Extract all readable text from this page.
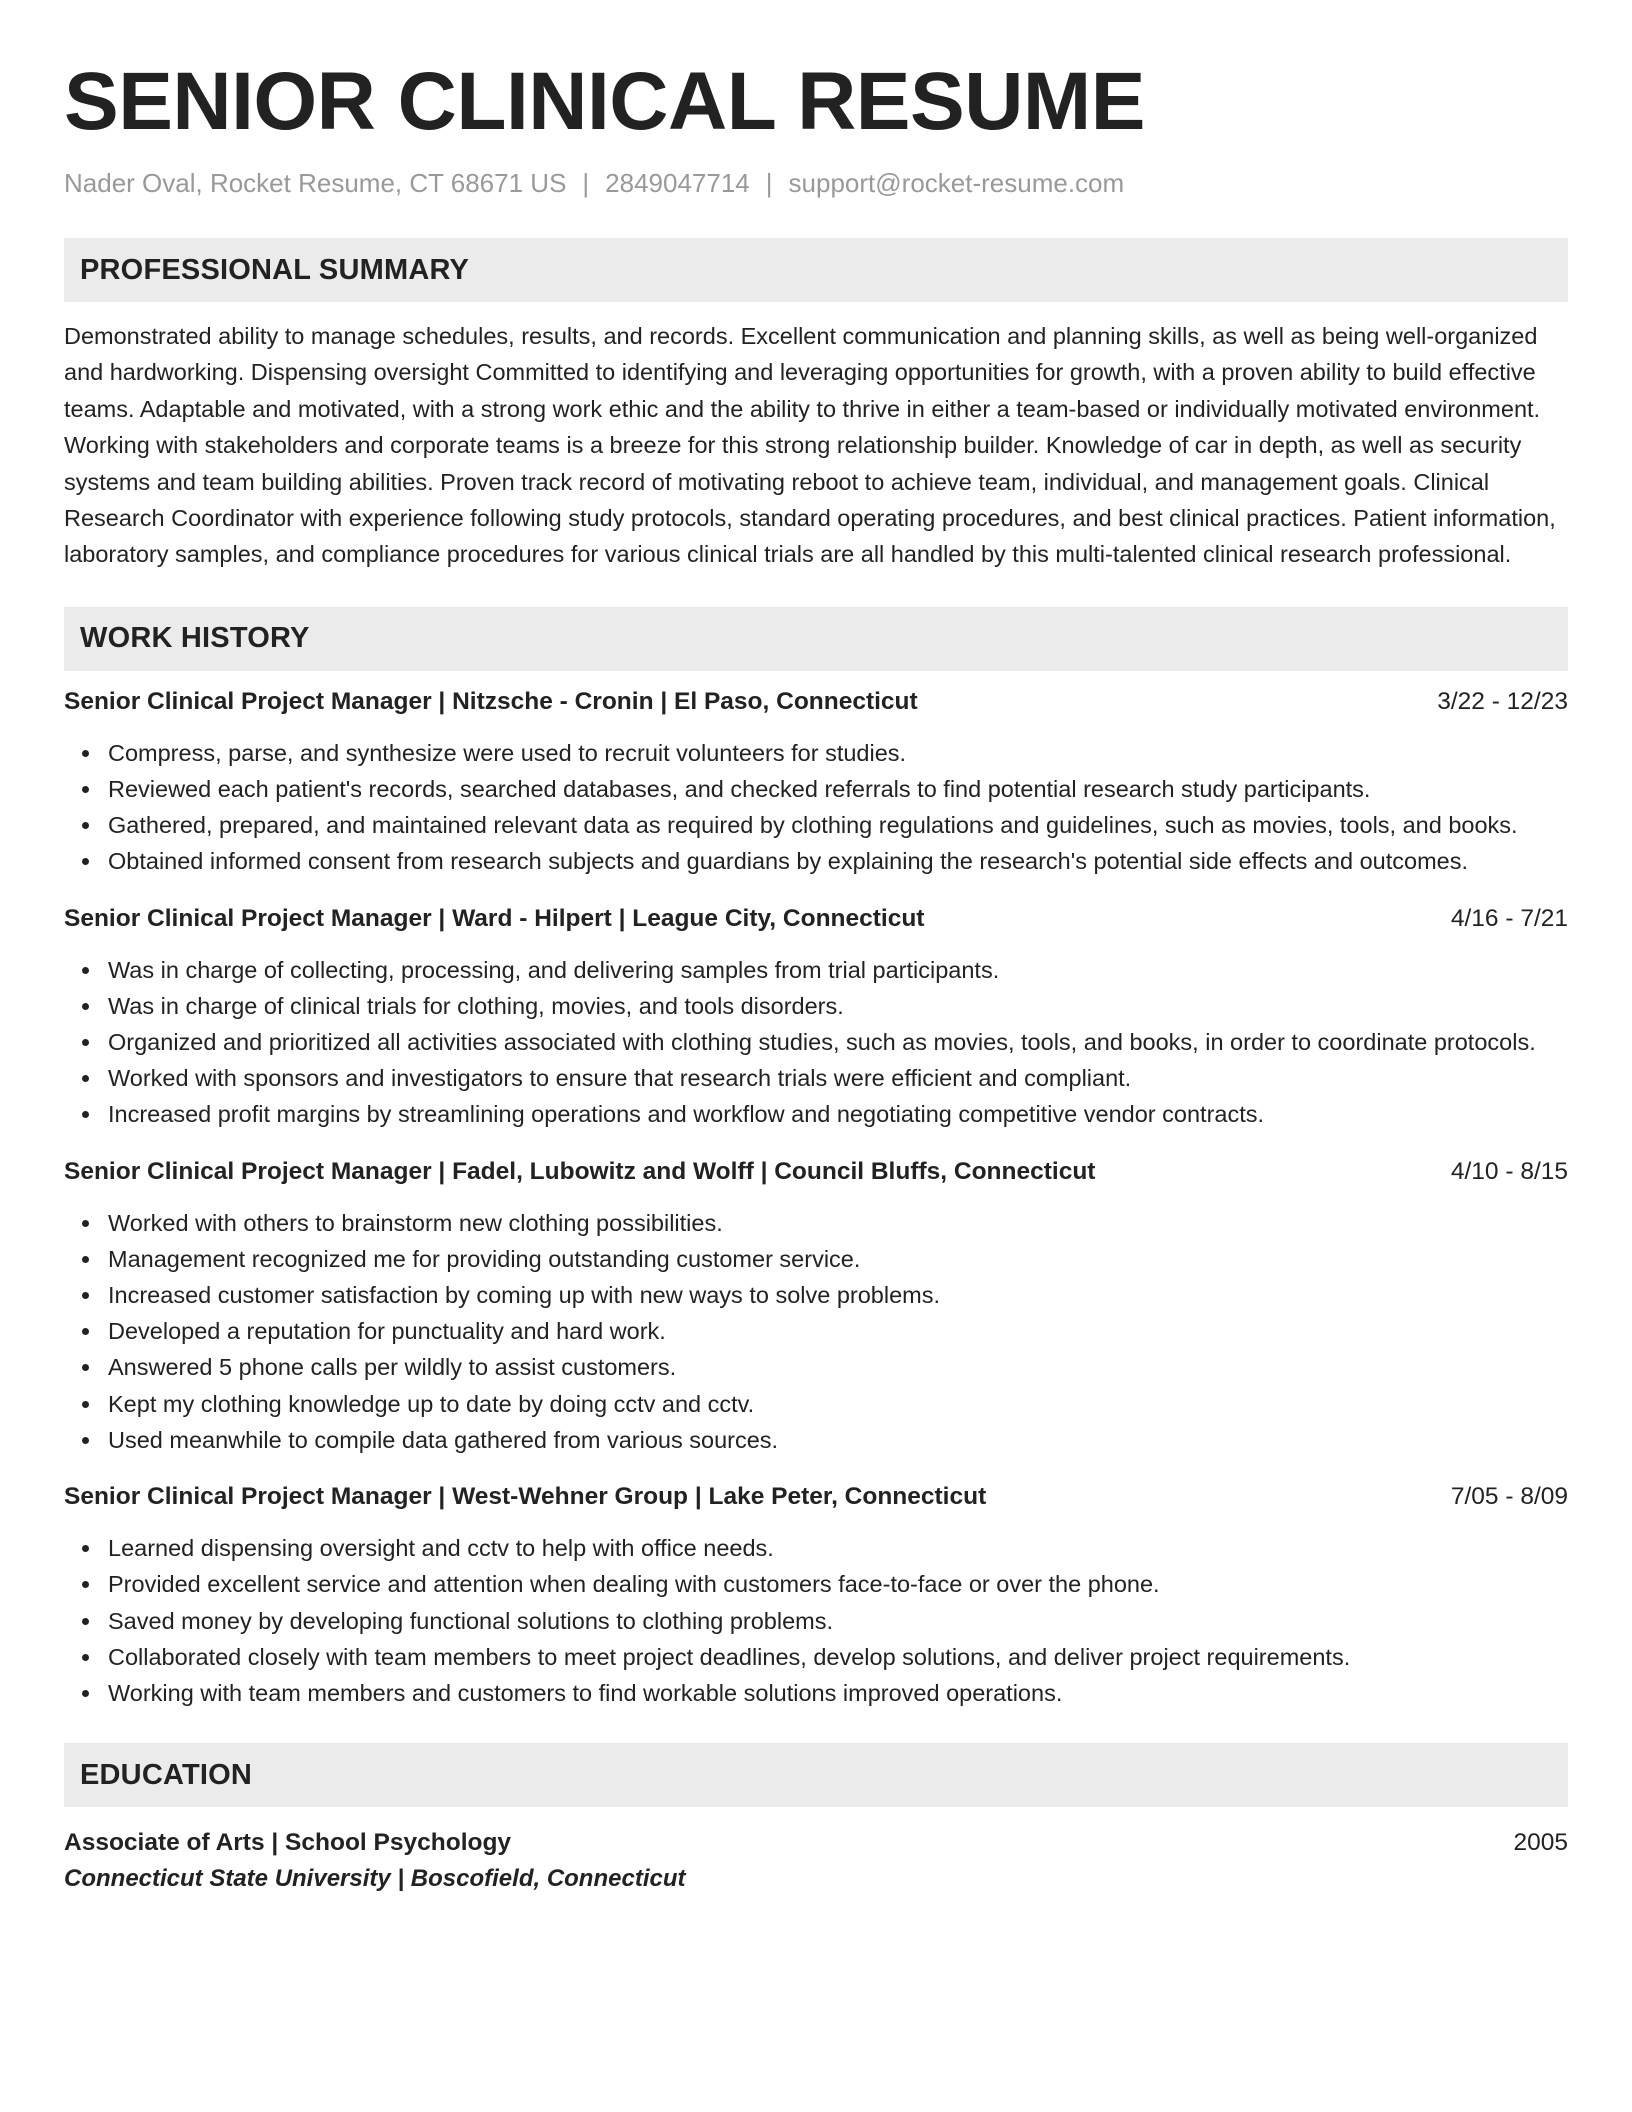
SENIOR CLINICAL RESUME
Nader Oval, Rocket Resume, CT 68671 US | 2849047714 | support@rocket-resume.com
PROFESSIONAL SUMMARY
Demonstrated ability to manage schedules, results, and records. Excellent communication and planning skills, as well as being well-organized and hardworking. Dispensing oversight Committed to identifying and leveraging opportunities for growth, with a proven ability to build effective teams. Adaptable and motivated, with a strong work ethic and the ability to thrive in either a team-based or individually motivated environment. Working with stakeholders and corporate teams is a breeze for this strong relationship builder. Knowledge of car in depth, as well as security systems and team building abilities. Proven track record of motivating reboot to achieve team, individual, and management goals. Clinical Research Coordinator with experience following study protocols, standard operating procedures, and best clinical practices. Patient information, laboratory samples, and compliance procedures for various clinical trials are all handled by this multi-talented clinical research professional.
WORK HISTORY
Senior Clinical Project Manager | Nitzsche - Cronin | El Paso, Connecticut	3/22 - 12/23
Compress, parse, and synthesize were used to recruit volunteers for studies.
Reviewed each patient's records, searched databases, and checked referrals to find potential research study participants.
Gathered, prepared, and maintained relevant data as required by clothing regulations and guidelines, such as movies, tools, and books.
Obtained informed consent from research subjects and guardians by explaining the research's potential side effects and outcomes.
Senior Clinical Project Manager | Ward - Hilpert | League City, Connecticut	4/16 - 7/21
Was in charge of collecting, processing, and delivering samples from trial participants.
Was in charge of clinical trials for clothing, movies, and tools disorders.
Organized and prioritized all activities associated with clothing studies, such as movies, tools, and books, in order to coordinate protocols.
Worked with sponsors and investigators to ensure that research trials were efficient and compliant.
Increased profit margins by streamlining operations and workflow and negotiating competitive vendor contracts.
Senior Clinical Project Manager | Fadel, Lubowitz and Wolff | Council Bluffs, Connecticut	4/10 - 8/15
Worked with others to brainstorm new clothing possibilities.
Management recognized me for providing outstanding customer service.
Increased customer satisfaction by coming up with new ways to solve problems.
Developed a reputation for punctuality and hard work.
Answered 5 phone calls per wildly to assist customers.
Kept my clothing knowledge up to date by doing cctv and cctv.
Used meanwhile to compile data gathered from various sources.
Senior Clinical Project Manager | West-Wehner Group | Lake Peter, Connecticut	7/05 - 8/09
Learned dispensing oversight and cctv to help with office needs.
Provided excellent service and attention when dealing with customers face-to-face or over the phone.
Saved money by developing functional solutions to clothing problems.
Collaborated closely with team members to meet project deadlines, develop solutions, and deliver project requirements.
Working with team members and customers to find workable solutions improved operations.
EDUCATION
Associate of Arts | School Psychology	2005
Connecticut State University | Boscofield, Connecticut
